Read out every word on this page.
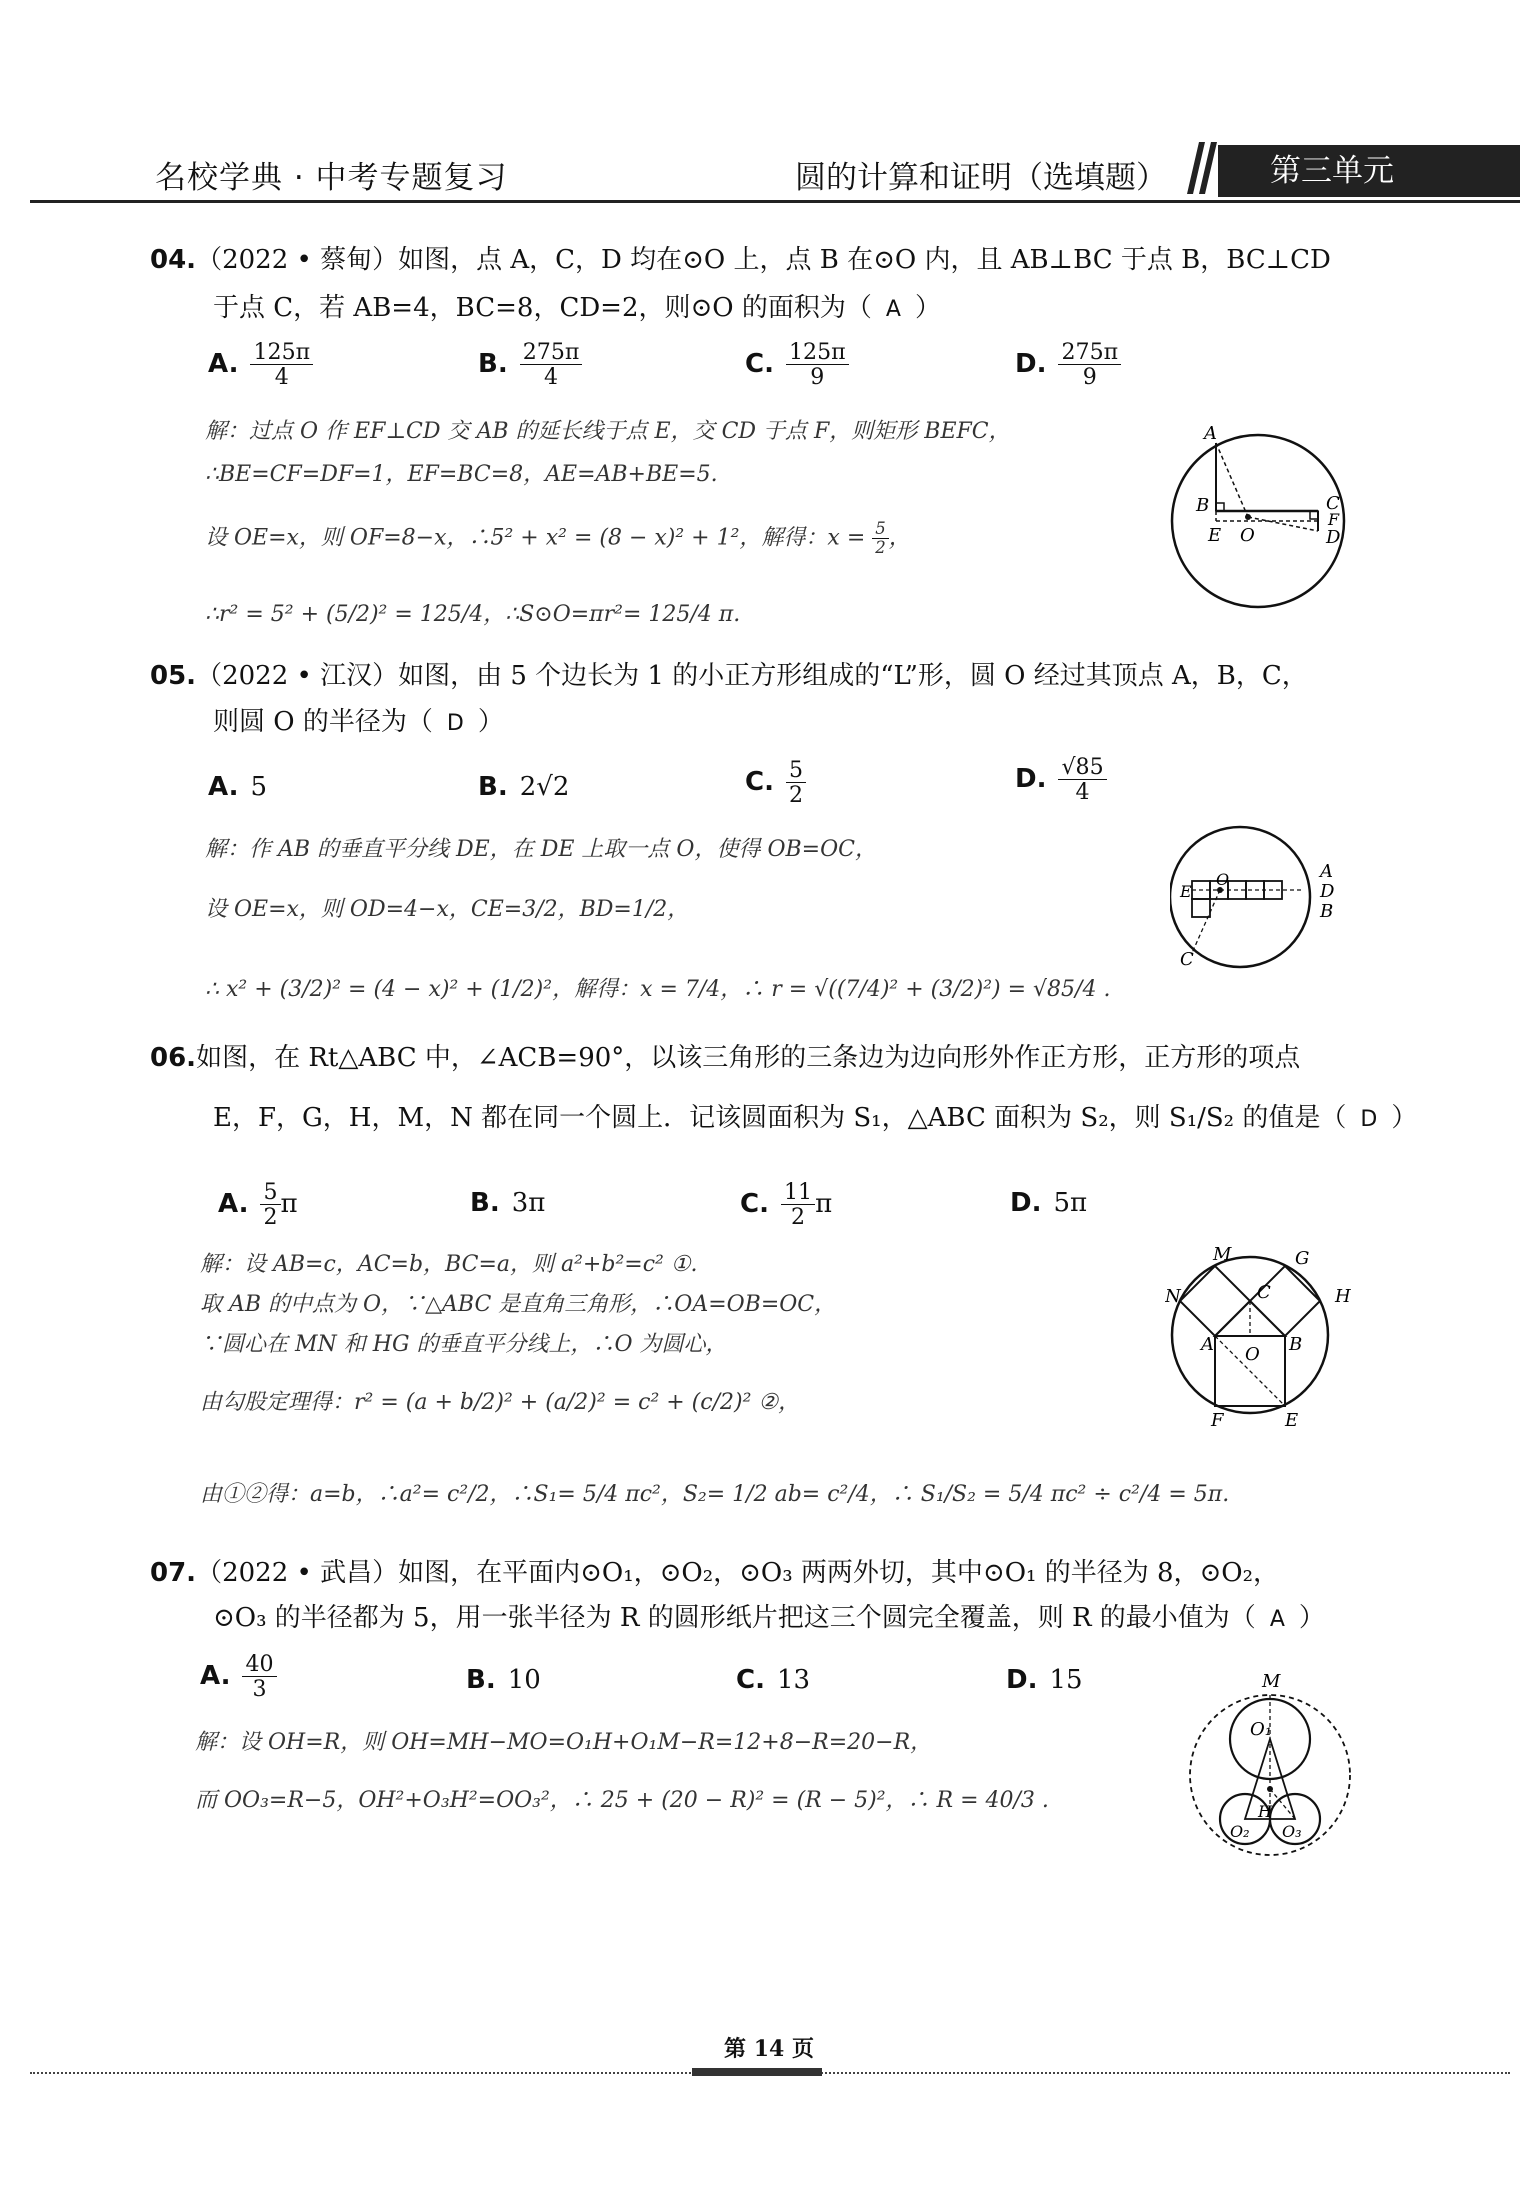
名校学典 · 中考专题复习	圆的计算和证明（选填题）	第三单元
04.（2022 • 蔡甸）如图，点 A，C，D 均在⊙O 上，点 B 在⊙O 内，且 AB⊥BC 于点 B，BC⊥CD
于点 C，若 AB=4，BC=8，CD=2，则⊙O 的面积为（ A ）
A. $\frac{125\pi}{4}$	B. $\frac{275\pi}{4}$	C. $\frac{125\pi}{9}$	D. $\frac{275\pi}{9}$
解：过点 O 作 EF⊥CD 交 AB 的延长线于点 E，交 CD 于点 F，则矩形 BEFC，
∴BE=CF=DF=1，EF=BC=8，AE=AB+BE=5.
设 OE=x，则 OF=8−x，∴5² + x² = (8 − x)² + 1²，解得：$x = \frac{5}{2}$ ，
∴r² = 5² + (5/2)² = 125/4，∴S⊙O=πr²= 125/4 π.
A
B	C
F
D
E O
05.（2022 • 江汉）如图，由 5 个边长为 1 的小正方形组成的“L”形，圆 O 经过其顶点 A，B，C，
则圆 O 的半径为（ D ）
A. 5	B. 2√2	C. $\frac{5}{2}$	D. $\frac{√85}{4}$
解：作 AB 的垂直平分线 DE，在 DE 上取一点 O，使得 OB=OC，
设 OE=x，则 OD=4−x，CE=3/2，BD=1/2，
∴ x² + (3/2)² = (4 − x)² + (1/2)²，解得：x = 7/4，∴ r = √((7/4)² + (3/2)²) = √85/4 .
A
D
B
E
O
C
06.如图，在 Rt△ABC 中，∠ACB=90°，以该三角形的三条边为边向形外作正方形，正方形的项点
E，F，G，H，M，N 都在同一个圆上．记该圆面积为 S₁，△ABC 面积为 S₂，则 S₁/S₂ 的值是（ D ）
A. $\frac{5}{2}$ π	B. 3π	C. $\frac{11}{2}$ π	D. 5π
解：设 AB=c，AC=b，BC=a，则 a²+b²=c² ①.
取 AB 的中点为 O，∵△ABC 是直角三角形，∴OA=OB=OC，
∵圆心在 MN 和 HG 的垂直平分线上，∴O 为圆心，
由勾股定理得：r² = (a + b/2)² + (a/2)² = c² + (c/2)² ②，
由①②得：a=b，∴a²= c²/2，∴S₁= 5/4 πc²，S₂= 1/2 ab= c²/4，∴ S₁/S₂ = 5/4 πc² ÷ c²/4 = 5π.
M	G
N	C	H
A O B
F	E
07.（2022 • 武昌）如图，在平面内⊙O₁，⊙O₂，⊙O₃ 两两外切，其中⊙O₁ 的半径为 8，⊙O₂，
⊙O₃ 的半径都为 5，用一张半径为 R 的圆形纸片把这三个圆完全覆盖，则 R 的最小值为（ A ）
A. $\frac{40}{3}$	B. 10	C. 13	D. 15
解：设 OH=R，则 OH=MH−MO=O₁H+O₁M−R=12+8−R=20−R，
而 OO₃=R−5，OH²+O₃H²=OO₃²，∴ 25 + (20 − R)² = (R − 5)²，∴ R = 40/3 .
M
O₁
H
O₂ O₃
第 14 页
